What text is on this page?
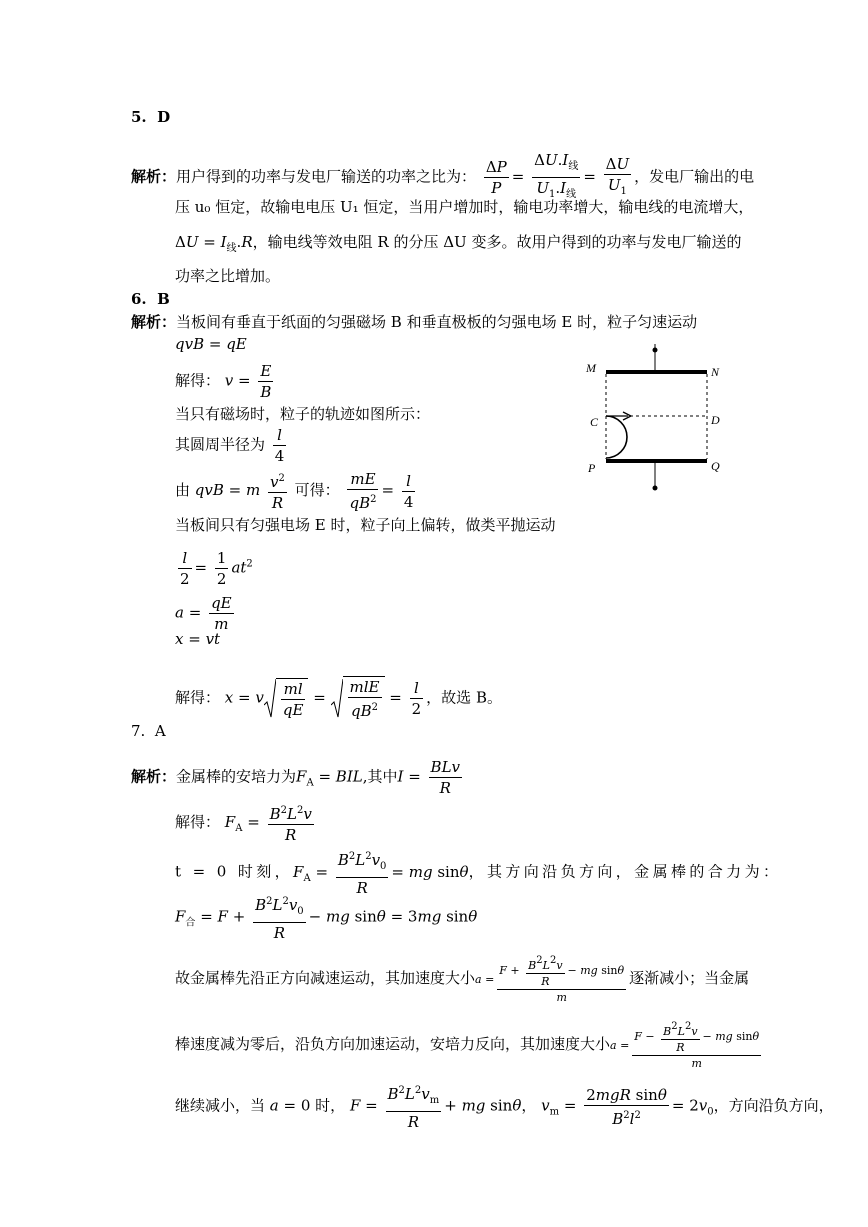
5. D
解析：用户得到的功率与发电厂输送的功率之比为： $\frac{\Delta P}{P} = \frac{\Delta U.I_线}{U_1.I_线} = \frac{\Delta U}{U_1}$ ，发电厂输出的电
压 u₀ 恒定，故输电电压 U₁ 恒定，当用户增加时，输电功率增大，输电线的电流增大，
$\Delta U = I_线.R$，输电线等效电阻 R 的分压 ΔU 变多。故用户得到的功率与发电厂输送的
功率之比增加。
6. B
解析：当板间有垂直于纸面的匀强磁场 B 和垂直极板的匀强电场 E 时，粒子匀速运动
qvB = qE
解得： $v = \frac{E}{B}$
当只有磁场时，粒子的轨迹如图所示：
其圆周半径为 $\frac{l}{4}$
由 qvB = m $\frac{v^2}{R}$ 可得： $\frac{mE}{qB^2} = \frac{l}{4}$
当板间只有匀强电场 E 时，粒子向上偏转，做类平抛运动
$\frac{l}{2} = \frac{1}{2} at^2$
$a = \frac{qE}{m}$
x = vt
解得： x = v $\frac{ml}{qE} = \frac{\text{mlE}}{qB^2} = \frac{l}{2}$ ，故选 B。
M	N
C	D
P	Q
7. A
解析：金属棒的安培力为$F_A$ = BIL,其中$I = \frac{\text{BLv}}{R}$
解得： $F_A = \frac{B^2L^2v}{R}$
t = 0 时刻，$F_A = \frac{B^2L^2v_0}{R}$ = mg sinθ，其方向沿负方向，金属棒的合力为：
$F_合 = F + \frac{B^2L^2v_0}{R}$ − mg sinθ = 3mg sinθ
故金属棒先沿正方向减速运动，其加速度大小$a = \frac{F + \frac{B2L2v}{R} - mg \sin\theta}{m}$ 逐渐减小；当金属
棒速度减为零后，沿负方向加速运动，安培力反向，其加速度大小$a = \frac{F - \frac{B2L2v}{R} - mg \sin\theta}{m}$
继续减小，当 a = 0 时， $F = \frac{B^2L^2v_m}{R}$ + mg sinθ， $v_m = \frac{\text{2mgR sinθ}}{B^2l^2} = 2v_0$，方向沿负方向，
